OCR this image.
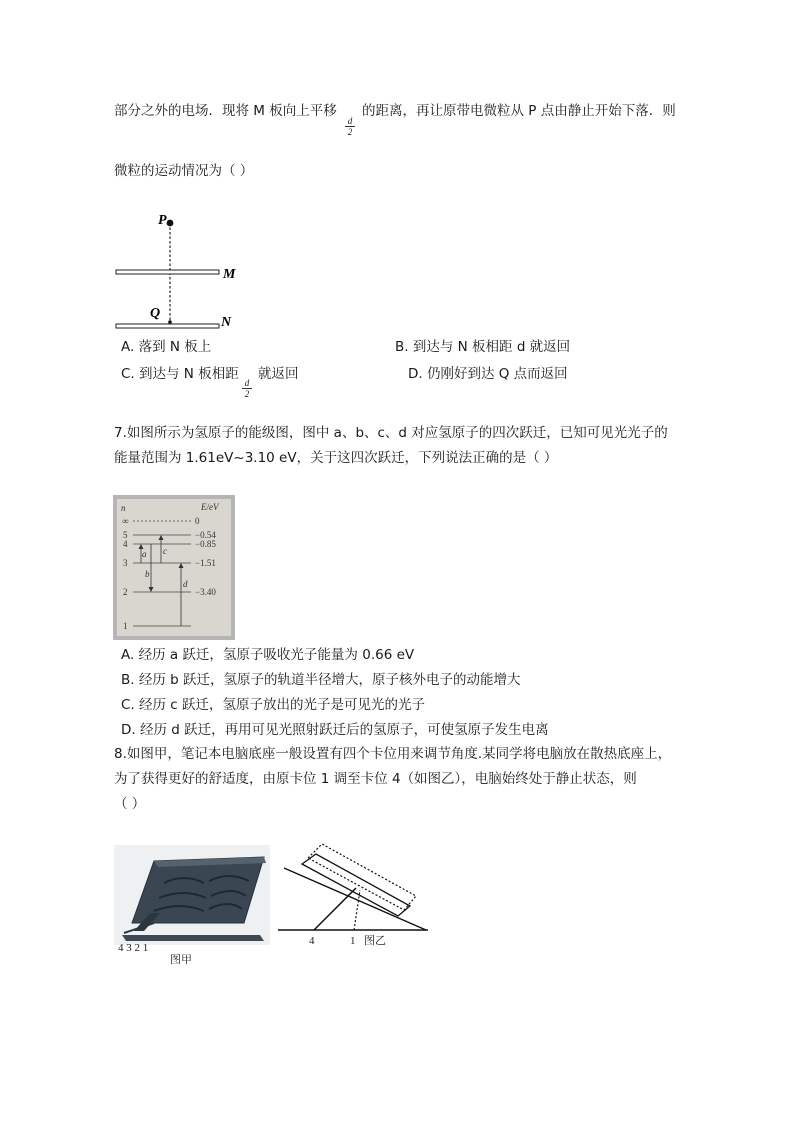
部分之外的电场．现将 M 板向上平移
$\frac{d}{2}$
的距离，再让原带电微粒从 P 点由静止开始下落．则
微粒的运动情况为（ ）
P
M
Q
N
A. 落到 N 板上	B. 到达与 N 板相距 d 就返回
C. 到达与 N 板相距
$\frac{d}{2}$
就返回	D. 仍刚好到达 Q 点而返回
7.如图所示为氢原子的能级图，图中 a、b、c、d 对应氢原子的四次跃迁，已知可见光光子的
能量范围为 1.61eV~3.10 eV，关于这四次跃迁，下列说法正确的是（ ）
n	E/eV
∞
5
4
3
2
1
0
−0.54
−0.85
−1.51
−3.40
a
b
c
d
A. 经历 a 跃迁，氢原子吸收光子能量为 0.66 eV
B. 经历 b 跃迁，氢原子的轨道半径增大，原子核外电子的动能增大
C. 经历 c 跃迁，氢原子放出的光子是可见光的光子
D. 经历 d 跃迁，再用可见光照射跃迁后的氢原子，可使氢原子发生电离
8.如图甲，笔记本电脑底座一般设置有四个卡位用来调节角度.某同学将电脑放在散热底座上，
为了获得更好的舒适度，由原卡位 1 调至卡位 4（如图乙），电脑始终处于静止状态，则
（ ）
4 3 2 1
图甲
4	1 图乙
